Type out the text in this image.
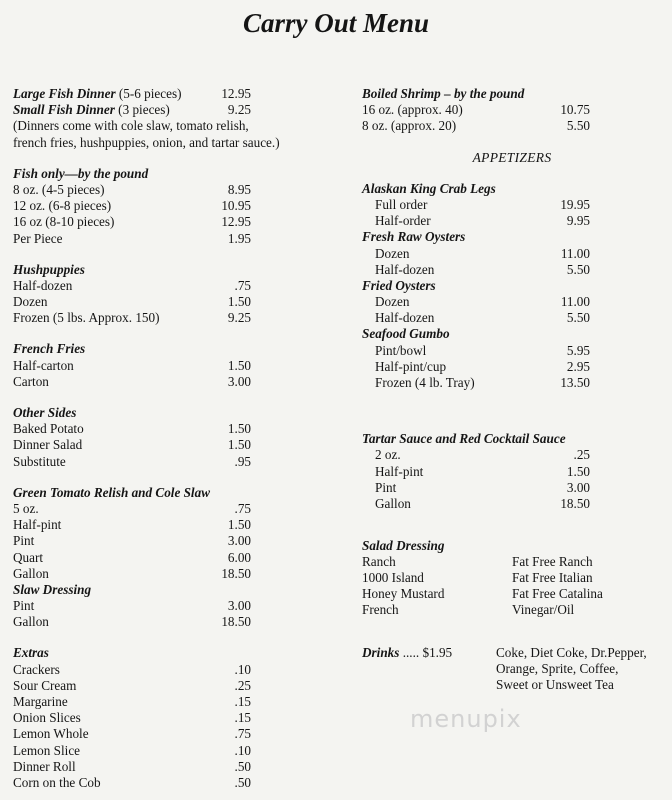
Carry Out Menu
Large Fish Dinner (5-6 pieces)	12.95
Small Fish Dinner (3 pieces)	9.25
(Dinners come with cole slaw, tomato relish,
french fries, hushpuppies, onion, and tartar sauce.)
Fish only—by the pound
8 oz. (4-5 pieces)	8.95
12 oz. (6-8 pieces)	10.95
16 oz (8-10 pieces)	12.95
Per Piece	1.95
Hushpuppies
Half-dozen	.75
Dozen	1.50
Frozen (5 lbs. Approx. 150)	9.25
French Fries
Half-carton	1.50
Carton	3.00
Other Sides
Baked Potato	1.50
Dinner Salad	1.50
Substitute	.95
Green Tomato Relish and Cole Slaw
5 oz.	.75
Half-pint	1.50
Pint	3.00
Quart	6.00
Gallon	18.50
Slaw Dressing
Pint	3.00
Gallon	18.50
Extras
Crackers	.10
Sour Cream	.25
Margarine	.15
Onion Slices	.15
Lemon Whole	.75
Lemon Slice	.10
Dinner Roll	.50
Corn on the Cob	.50
Boiled Shrimp – by the pound
16 oz. (approx. 40)	10.75
8 oz. (approx. 20)	5.50
APPETIZERS
Alaskan King Crab Legs
Full order	19.95
Half-order	9.95
Fresh Raw Oysters
Dozen	11.00
Half-dozen	5.50
Fried Oysters
Dozen	11.00
Half-dozen	5.50
Seafood Gumbo
Pint/bowl	5.95
Half-pint/cup	2.95
Frozen (4 lb. Tray)	13.50
Tartar Sauce and Red Cocktail Sauce
2 oz.	.25
Half-pint	1.50
Pint	3.00
Gallon	18.50
Salad Dressing
Ranch	Fat Free Ranch
1000 Island	Fat Free Italian
Honey Mustard	Fat Free Catalina
French	Vinegar/Oil
Drinks ..... $1.95	Coke, Diet Coke, Dr.Pepper,
Orange, Sprite, Coffee,
Sweet or Unsweet Tea
menupix
